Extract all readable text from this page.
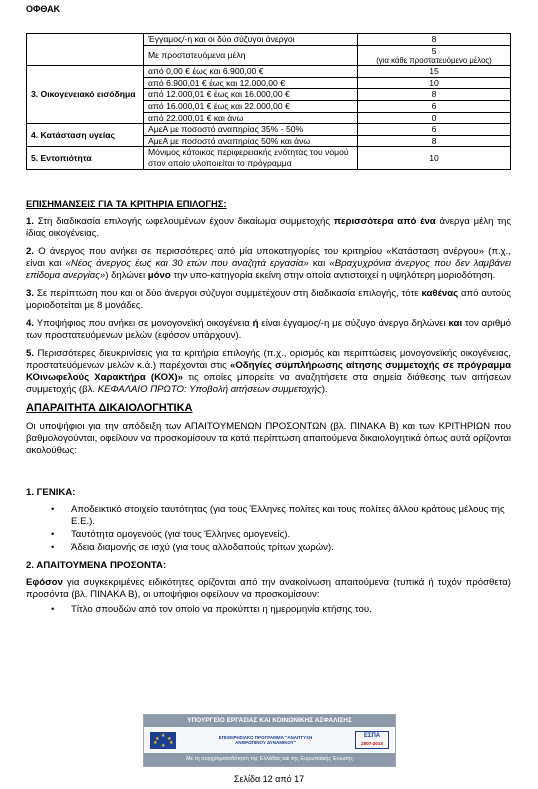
ΟΦΘΑΚ
	Έγγαμος/-η και οι δύο σύζυγοι άνεργοι	8
	Με προστατευόμενα μέλη	5
(για κάθε προστατευόμενο μέλος)

3. Οικογενειακό εισόδημα	από 0,00 € έως και 6.900,00 €	15
	από 6.900,01 € έως και 12.000,00 €	10
	από 12.000,01 € έως και 16.000,00 €	8
	από 16.000,01 € έως και 22.000,00 €	6
	από 22.000,01 € και άνω	0
4. Κατάσταση υγείας	ΑμεΑ με ποσοστό αναπηρίας 35% - 50%	6
	ΑμεΑ με ποσοστό αναπηρίας 50% και άνω	8
5. Εντοπιότητα	Μόνιμος κάτοικος περιφερειακής ενότητας του νομού στον οποίο υλοποιείται το πρόγραμμα	10
ΕΠΙΣΗΜΑΝΣΕΙΣ ΓΙΑ ΤΑ ΚΡΙΤΗΡΙΑ ΕΠΙΛΟΓΗΣ:

1. Στη διαδικασία επιλογής ωφελουμένων έχουν δικαίωμα συμμετοχής περισσότερα από ένα άνεργα μέλη της ίδιας οικογένειας.

2. Ο άνεργος που ανήκει σε περισσότερες από μία υποκατηγορίες του κριτηρίου «Κατάσταση ανέργου» (π.χ., είναι και «Νέος άνεργος έως και 30 ετών που αναζητά εργασία» και «Βραχυχρόνια άνεργος που δεν λαμβάνει επίδομα ανεργίας») δηλώνει μόνο την υπο-κατηγορία εκείνη στην οποία αντιστοιχεί η υψηλότερη μοριοδότηση.

3. Σε περίπτωση που και οι δύο άνεργοι σύζυγοι συμμετέχουν στη διαδικασία επιλογής, τότε καθένας από αυτούς μοριοδοτείται με 8 μονάδες.

4. Υποψήφιος που ανήκει σε μονογονεϊκή οικογένεια ή είναι έγγαμος/-η με σύζυγο άνεργο δηλώνει και τον αριθμό των προστατευόμενων μελών (εφόσον υπάρχουν).

5. Περισσότερες διευκρινίσεις για τα κριτήρια επιλογής (π.χ., ορισμός και περιπτώσεις μονογονεϊκής οικογένειας, προστατευόμενων μελών κ.ά.) παρέχονται στις «Οδηγίες συμπλήρωσης αίτησης συμμετοχής σε πρόγραμμα ΚΟινωφελούς Χαρακτήρα (ΚΟΧ)» τις οποίες μπορείτε να αναζητήσετε στα σημεία διάθεσης των αιτήσεων συμμετοχής (βλ. ΚΕΦΑΛΑΙΟ ΠΡΩΤΟ: Υποβολή αιτήσεων συμμετοχής).

ΑΠΑΡΑΙΤΗΤΑ ΔΙΚΑΙΟΛΟΓΗΤΙΚΑ

Οι υποψήφιοι για την απόδειξη των ΑΠΑΙΤΟΥΜΕΝΩΝ ΠΡΟΣΟΝΤΩΝ (βλ. ΠΙΝΑΚΑ Β) και των ΚΡΙΤΗΡΙΩΝ που βαθμολογούνται, οφείλουν να προσκομίσουν τα κατά περίπτωση απαιτούμενα δικαιολογητικά όπως αυτά ορίζονται ακολούθως:

1. ΓΕΝΙΚΑ:
• Αποδεικτικό στοιχείο ταυτότητας (για τους Έλληνες πολίτες και τους πολίτες άλλου κράτους μέλους της Ε.Ε.).
• Ταυτότητα ομογενούς (για τους Έλληνες ομογενείς).
• Άδεια διαμονής σε ισχύ (για τους αλλοδαπούς τρίτων χωρών).
2. ΑΠΑΙΤΟΥΜΕΝΑ ΠΡΟΣΟΝΤΑ:

Εφόσον για συγκεκριμένες ειδικότητες ορίζονται από την ανακοίνωση απαιτούμενα (τυπικά ή τυχόν πρόσθετα) προσόντα (βλ. ΠΙΝΑΚΑ Β), οι υποψήφιοι οφείλουν να προσκομίσουν:

• Τίτλο σπουδών από τον οποίο να προκύπτει η ημερομηνία κτήσης του.
ΥΠΟΥΡΓΕΙΟ ΕΡΓΑΣΙΑΣ ΚΑΙ ΚΟΙΝΩΝΙΚΗΣ ΑΣΦΑΛΙΣΗΣ
★
★ ★
★ ★
★
ΕΠΙΧΕΙΡΗΣΙΑΚΟ ΠΡΟΓΡΑΜΜΑ "ΑΝΑΠΤΥΞΗ ΑΝΘΡΩΠΙΝΟΥ ΔΥΝΑΜΙΚΟΥ"
ΕΣΠΑ
2007-2013
Με τη συγχρηματοδότηση της Ελλάδας και της Ευρωπαϊκής Ένωσης
Σελίδα 12 από 17
